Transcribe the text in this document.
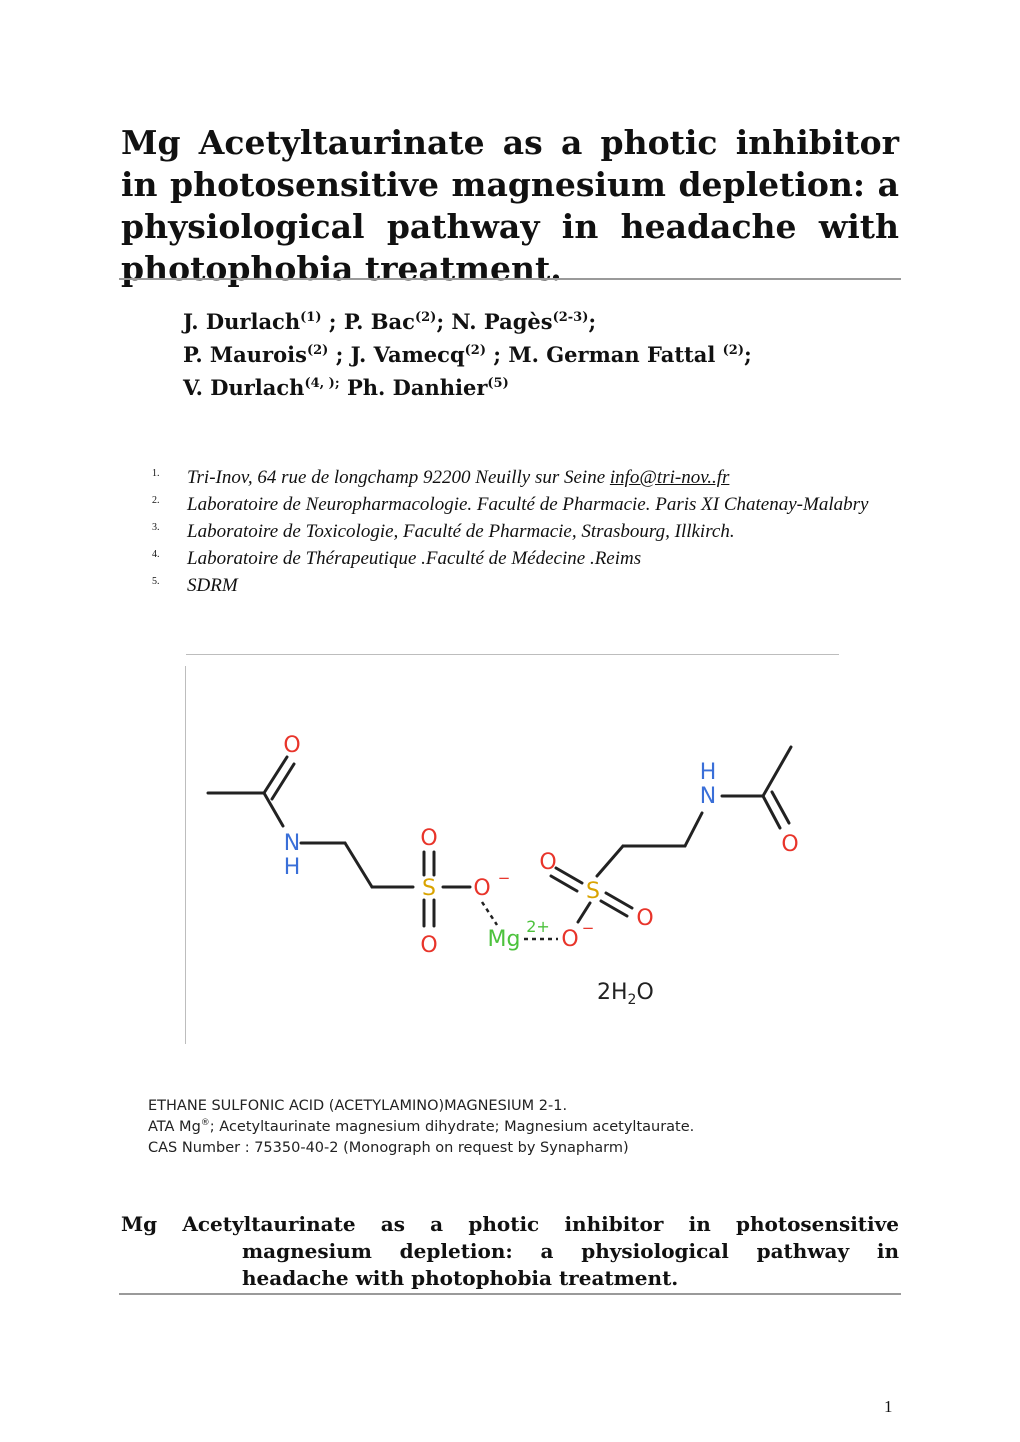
Mg Acetyltaurinate as a photic inhibitor in photosensitive magnesium depletion: a physiological pathway in headache with photophobia treatment.
J. Durlach$^{(1)}$ ; P. Bac$^{(2)}$; N. Pagès$^{(2-3)}$;
P. Maurois$^{(2)}$ ; J. Vamecq$^{(2)}$ ; M. German Fattal $^{(2)}$;
V. Durlach$^{(4, );}$ Ph. Danhier$^{(5)}$
1.	Tri-Inov, 64 rue de longchamp 92200 Neuilly sur Seine info@tri-nov..fr
2.	Laboratoire de Neuropharmacologie. Faculté de Pharmacie. Paris XI Chatenay-Malabry
3.	Laboratoire de Toxicologie, Faculté de Pharmacie, Strasbourg, Illkirch.
4.	Laboratoire de Thérapeutique .Faculté de Médecine .Reims
5.	SDRM
O
N
H
O
S
O
O −
Mg
2+
O −
O
S
O
H
N
O
$2H_2O$
ETHANE SULFONIC ACID (ACETYLAMINO)MAGNESIUM 2-1.
ATA Mg®; Acetyltaurinate magnesium dihydrate; Magnesium acetyltaurate.
CAS Number : 75350-40-2 (Monograph on request by Synapharm)
Mg Acetyltaurinate as a photic inhibitor in photosensitive
magnesium depletion: a physiological pathway in
headache with photophobia treatment.
1
